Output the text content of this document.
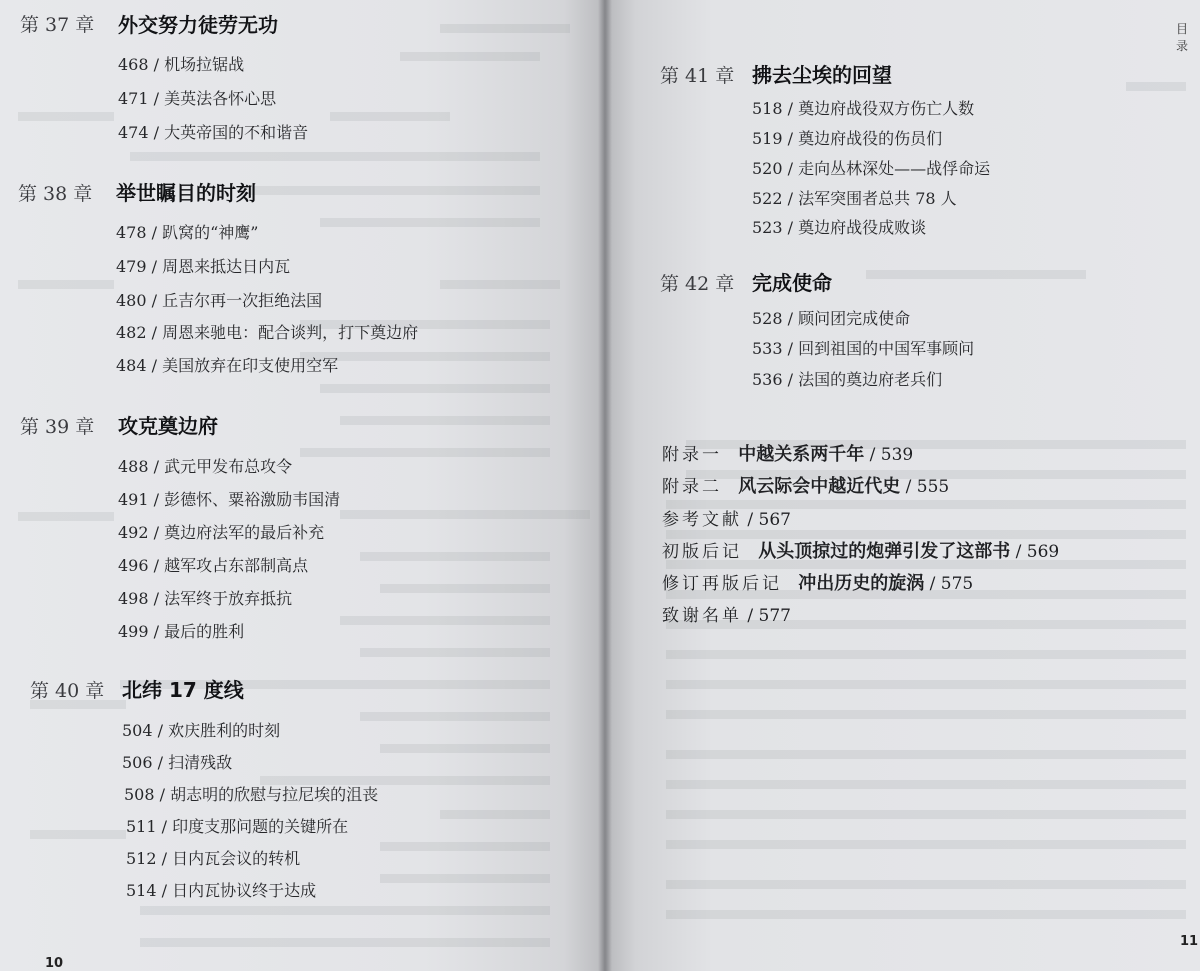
第 37 章 外交努力徒劳无功
468 / 机场拉锯战
471 / 美英法各怀心思
474 / 大英帝国的不和谐音
第 38 章 举世瞩目的时刻
478 / 趴窝的“神鹰”
479 / 周恩来抵达日内瓦
480 / 丘吉尔再一次拒绝法国
482 / 周恩来驰电：配合谈判，打下奠边府
484 / 美国放弃在印支使用空军
第 39 章 攻克奠边府
488 / 武元甲发布总攻令
491 / 彭德怀、粟裕激励韦国清
492 / 奠边府法军的最后补充
496 / 越军攻占东部制高点
498 / 法军终于放弃抵抗
499 / 最后的胜利
第 40 章 北纬 17 度线
504 / 欢庆胜利的时刻
506 / 扫清残敌
508 / 胡志明的欣慰与拉尼埃的沮丧
511 / 印度支那问题的关键所在
512 / 日内瓦会议的转机
514 / 日内瓦协议终于达成
10
目 录
第 41 章 拂去尘埃的回望
518 / 奠边府战役双方伤亡人数
519 / 奠边府战役的伤员们
520 / 走向丛林深处——战俘命运
522 / 法军突围者总共 78 人
523 / 奠边府战役成败谈
第 42 章 完成使命
528 / 顾问团完成使命
533 / 回到祖国的中国军事顾问
536 / 法国的奠边府老兵们
附录一 中越关系两千年 / 539
附录二 风云际会中越近代史 / 555
参考文献 / 567
初版后记 从头顶掠过的炮弹引发了这部书 / 569
修订再版后记 冲出历史的旋涡 / 575
致谢名单 / 577
11
